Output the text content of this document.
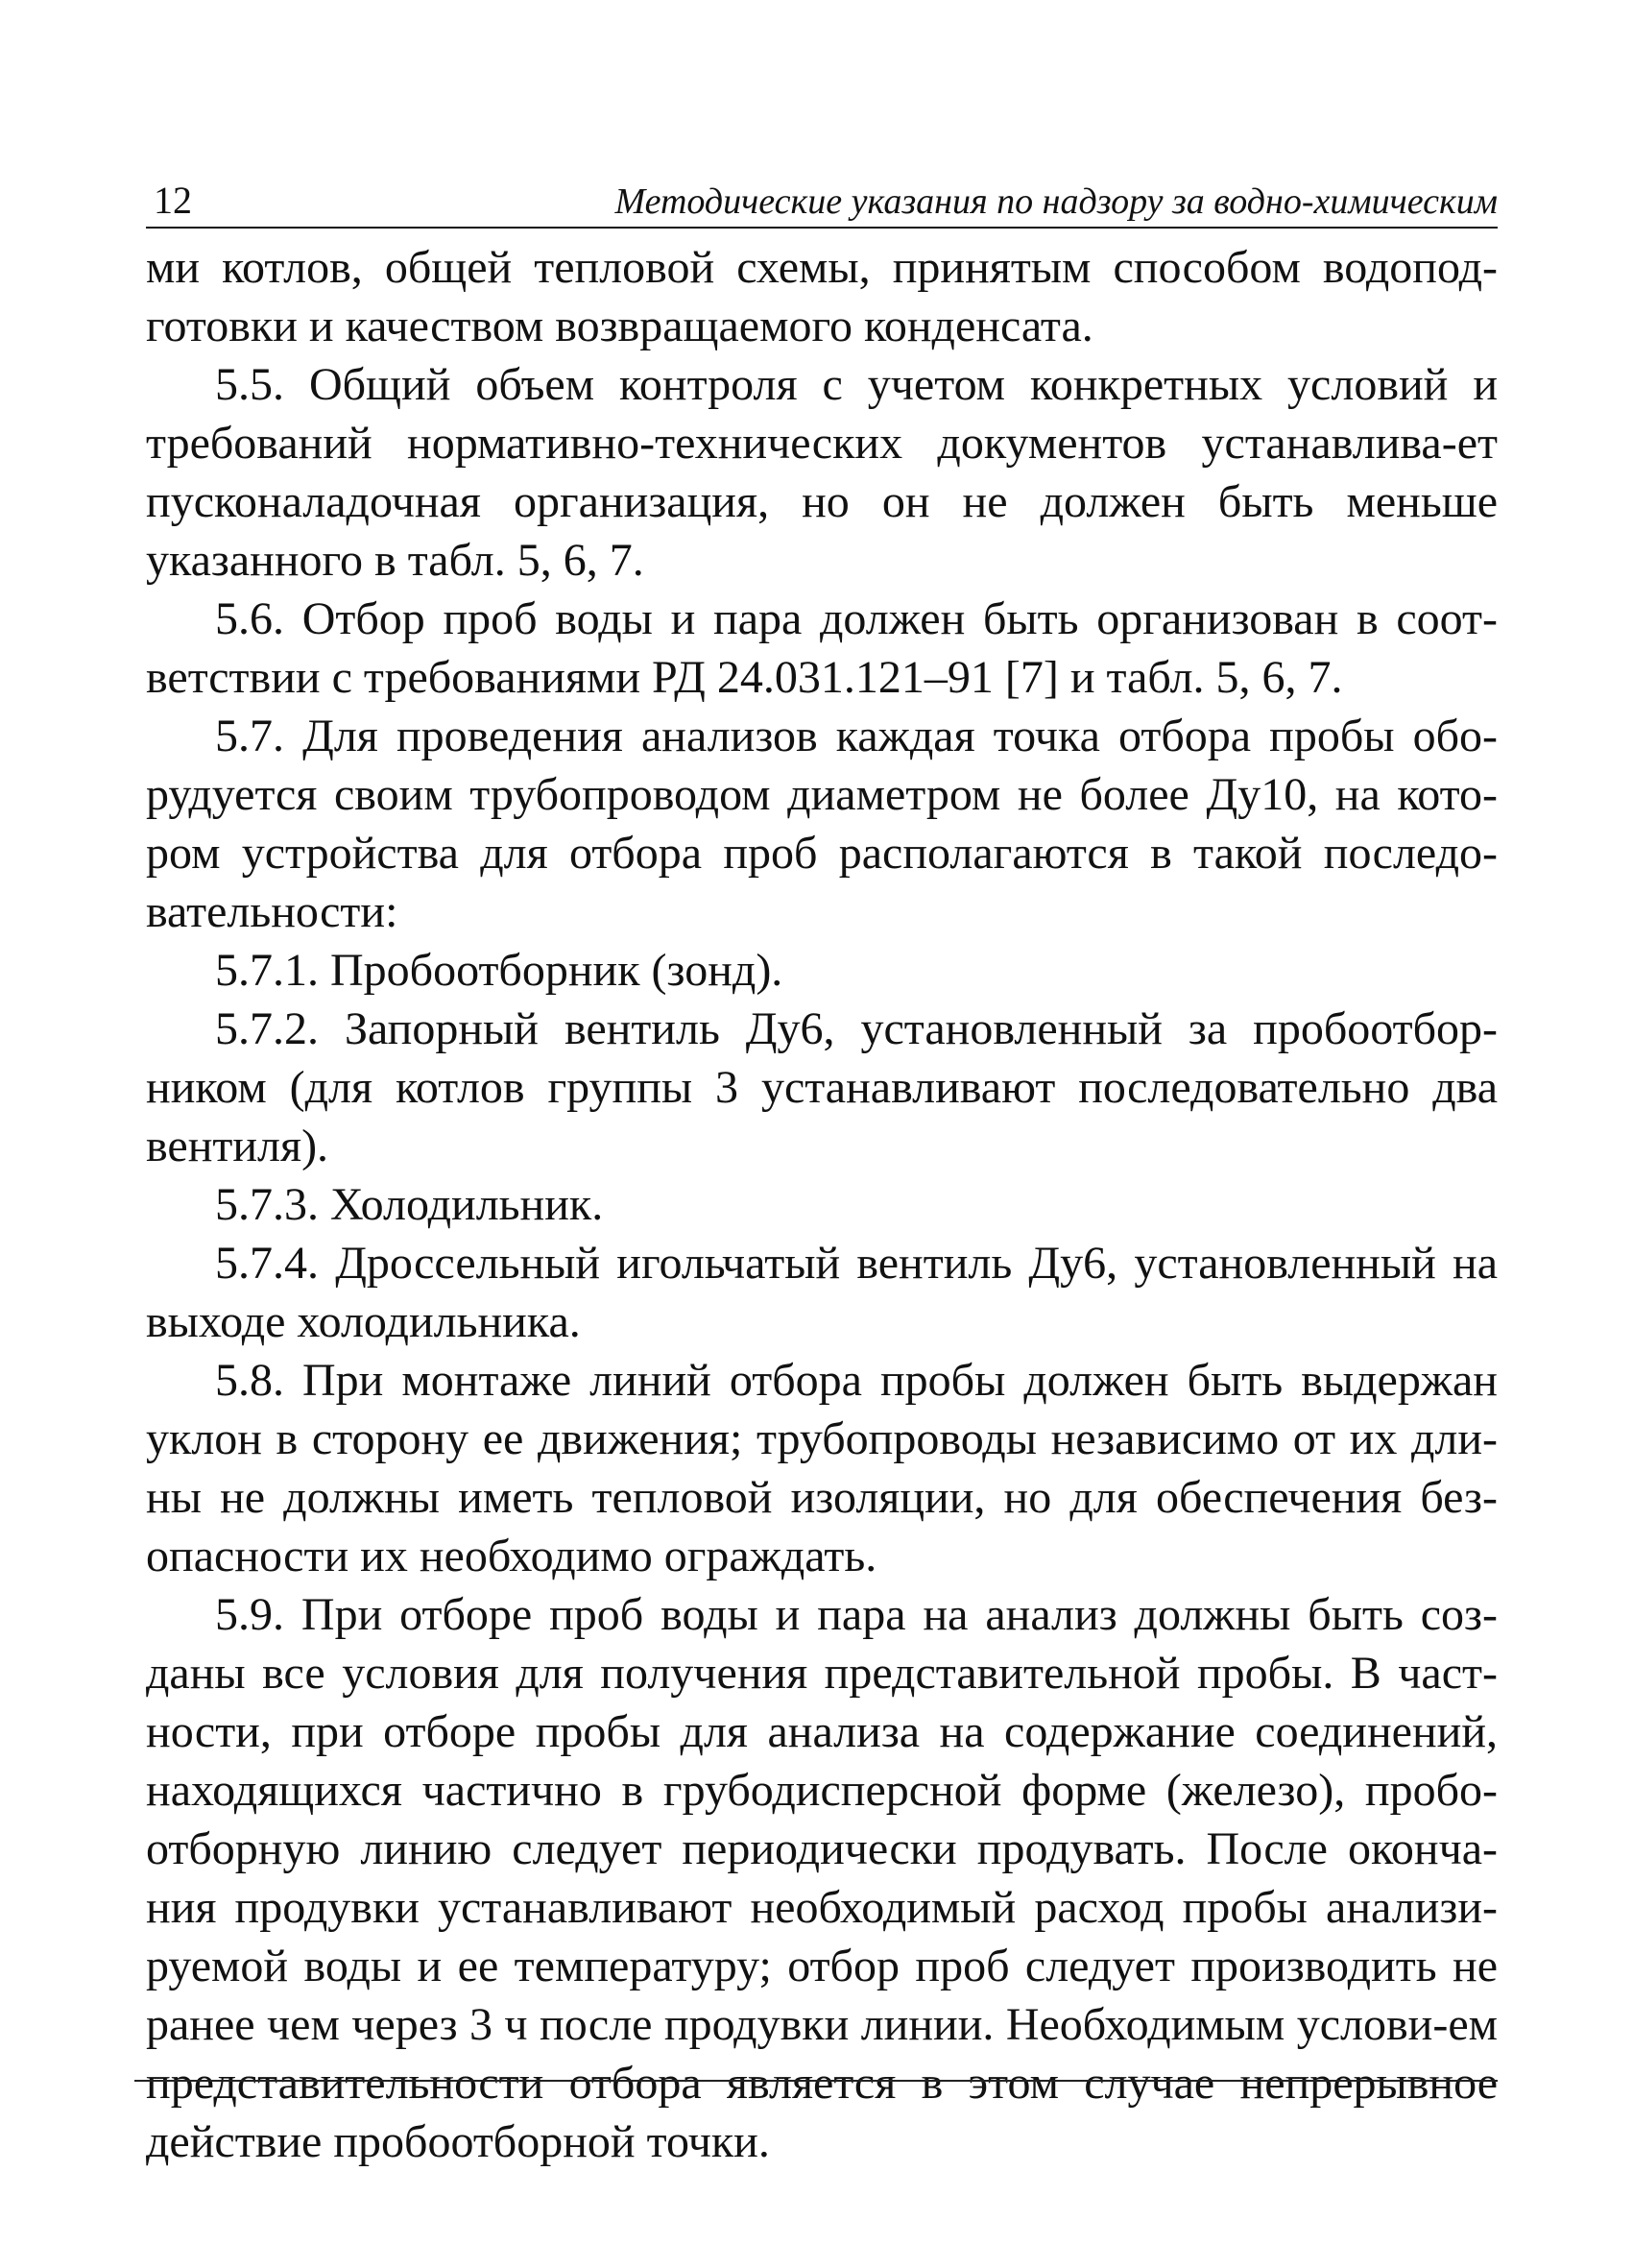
12	Методические указания по надзору за водно-химическим

ми котлов, общей тепловой схемы, принятым способом водопод-готовки и качеством возвращаемого конденсата.

5.5. Общий объем контроля с учетом конкретных условий и требований нормативно-технических документов устанавлива-ет пусконаладочная организация, но он не должен быть меньше указанного в табл. 5, 6, 7.

5.6. Отбор проб воды и пара должен быть организован в соот-ветствии с требованиями РД 24.031.121–91 [7] и табл. 5, 6, 7.

5.7. Для проведения анализов каждая точка отбора пробы обо-рудуется своим трубопроводом диаметром не более Ду10, на кото-ром устройства для отбора проб располагаются в такой последо-вательности:

5.7.1. Пробоотборник (зонд).

5.7.2. Запорный вентиль Ду6, установленный за пробоотбор-ником (для котлов группы 3 устанавливают последовательно два вентиля).

5.7.3. Холодильник.

5.7.4. Дроссельный игольчатый вентиль Ду6, установленный на выходе холодильника.

5.8. При монтаже линий отбора пробы должен быть выдержан уклон в сторону ее движения; трубопроводы независимо от их дли-ны не должны иметь тепловой изоляции, но для обеспечения без-опасности их необходимо ограждать.

5.9. При отборе проб воды и пара на анализ должны быть соз-даны все условия для получения представительной пробы. В част-ности, при отборе пробы для анализа на содержание соединений, находящихся частично в грубодисперсной форме (железо), пробо-отборную линию следует периодически продувать. После оконча-ния продувки устанавливают необходимый расход пробы анализи-руемой воды и ее температуру; отбор проб следует производить не ранее чем через 3 ч после продувки линии. Необходимым услови-ем представительности отбора является в этом случае непрерывное действие пробоотборной точки.
